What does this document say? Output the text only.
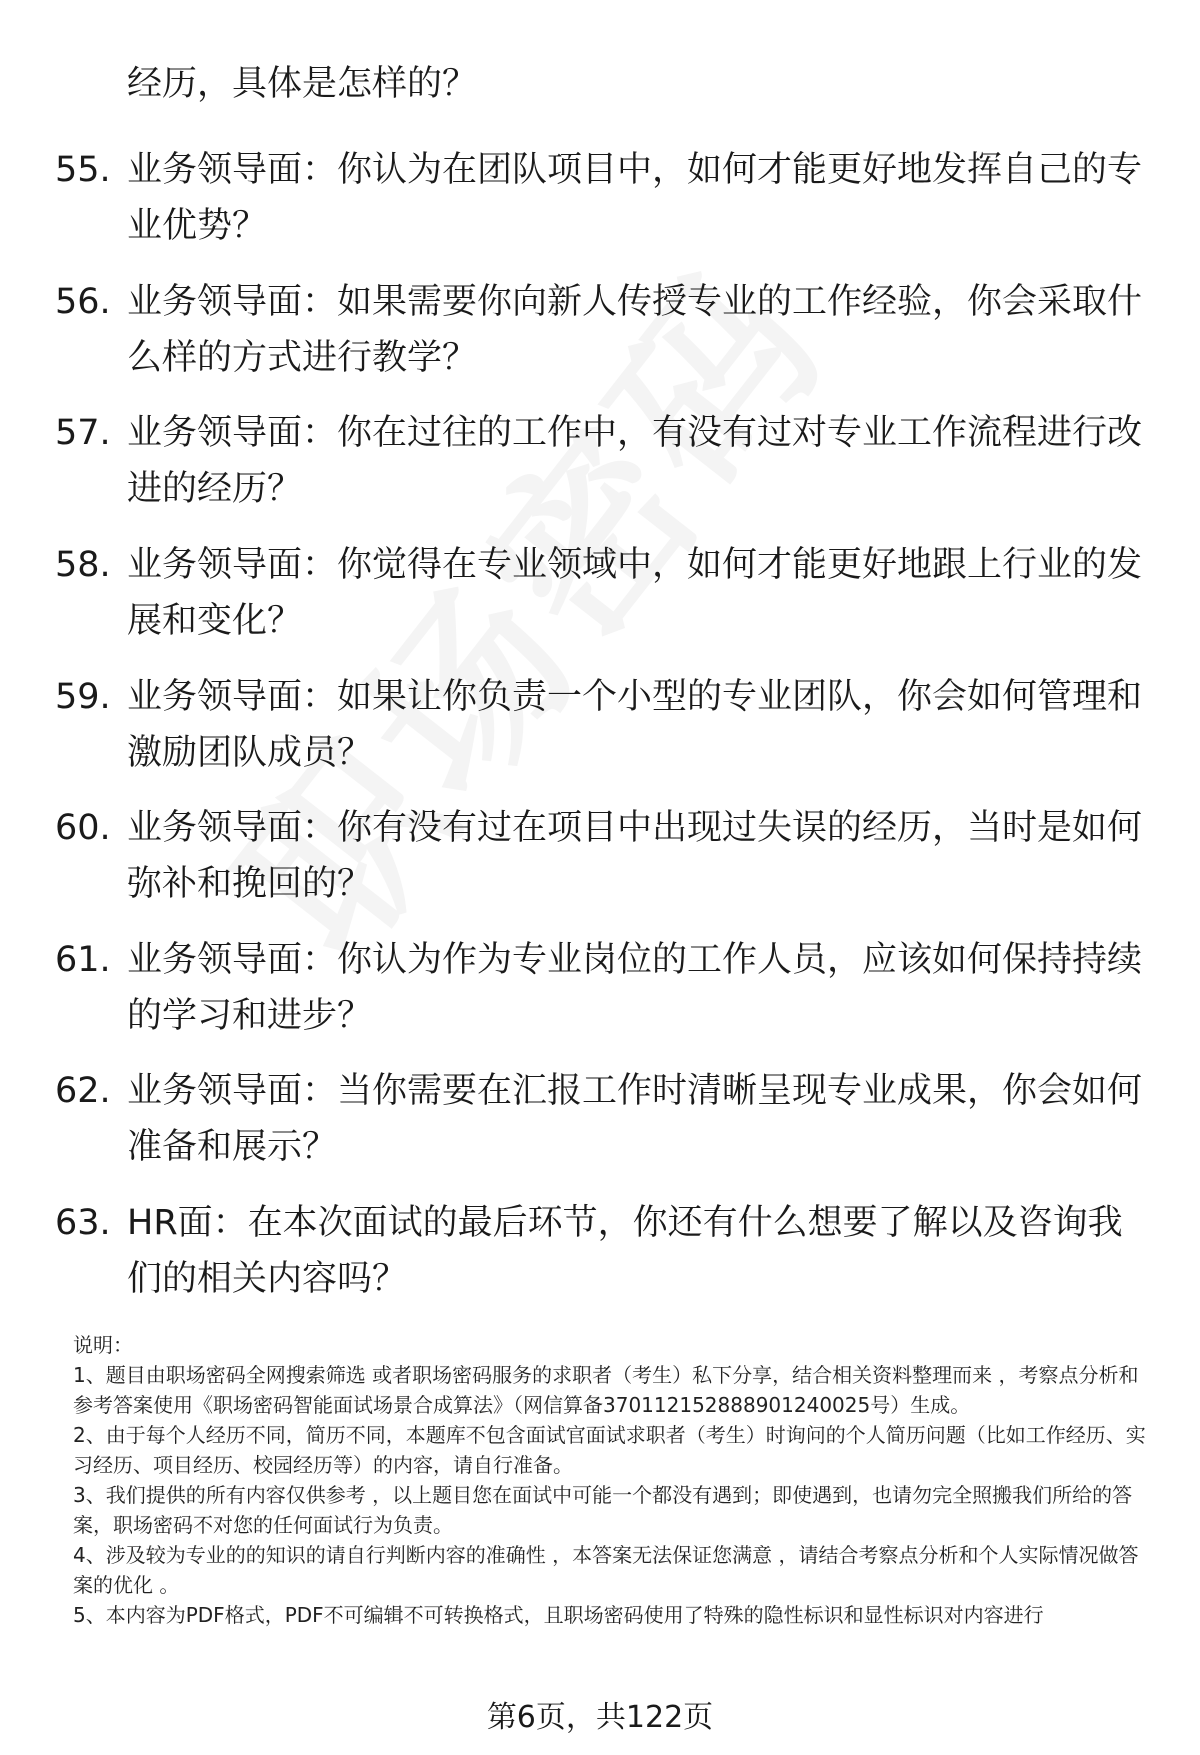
经历，具体是怎样的？
55. 业务领导面：你认为在团队项目中，如何才能更好地发挥自己的专业优势？
56. 业务领导面：如果需要你向新人传授专业的工作经验，你会采取什么样的方式进行教学？
57. 业务领导面：你在过往的工作中，有没有过对专业工作流程进行改进的经历？
58. 业务领导面：你觉得在专业领域中，如何才能更好地跟上行业的发展和变化？
59. 业务领导面：如果让你负责一个小型的专业团队，你会如何管理和激励团队成员？
60. 业务领导面：你有没有过在项目中出现过失误的经历，当时是如何弥补和挽回的？
61. 业务领导面：你认为作为专业岗位的工作人员，应该如何保持持续的学习和进步？
62. 业务领导面：当你需要在汇报工作时清晰呈现专业成果，你会如何准备和展示？
63. HR面：在本次面试的最后环节，你还有什么想要了解以及咨询我们的相关内容吗？

说明：

1、题目由职场密码全网搜索筛选 或者职场密码服务的求职者（考生）私下分享，结合相关资料整理而来 ，考察点分析和参考答案使用《职场密码智能面试场景合成算法》（网信算备370112152888901240025号）生成。

2、由于每个人经历不同，简历不同，本题库不包含面试官面试求职者（考生）时询问的个人简历问题（比如工作经历、实习经历、项目经历、校园经历等）的内容，请自行准备。

3、我们提供的所有内容仅供参考 ，以上题目您在面试中可能一个都没有遇到；即使遇到，也请勿完全照搬我们所给的答案，职场密码不对您的任何面试行为负责。

4、涉及较为专业的的知识的请自行判断内容的准确性 ，本答案无法保证您满意 ，请结合考察点分析和个人实际情况做答案的优化 。

5、本内容为PDF格式，PDF不可编辑不可转换格式，且职场密码使用了特殊的隐性标识和显性标识对内容进行

第6页，共122页
